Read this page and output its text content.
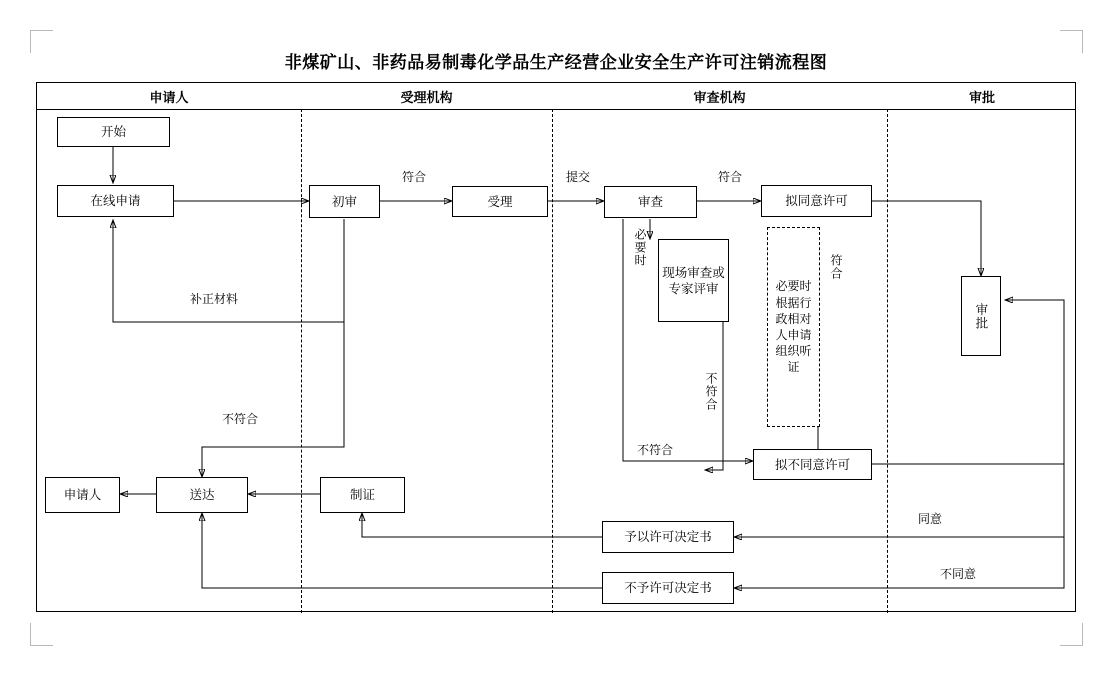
非煤矿山、非药品易制毒化学品生产经营企业安全生产许可注销流程图
申请人	受理机构	审查机构	审批
开始
在线申请	初审	受理	审查	拟同意许可
现场审查或专家评审	必要时根据行政相对人申请组织听证
拟不同意许可
审批
制证
送达
申请人
予以许可决定书
不予许可决定书
符合	提交	符合
必要时	符合
不符合
补正材料
不符合
不符合
同意
不同意
